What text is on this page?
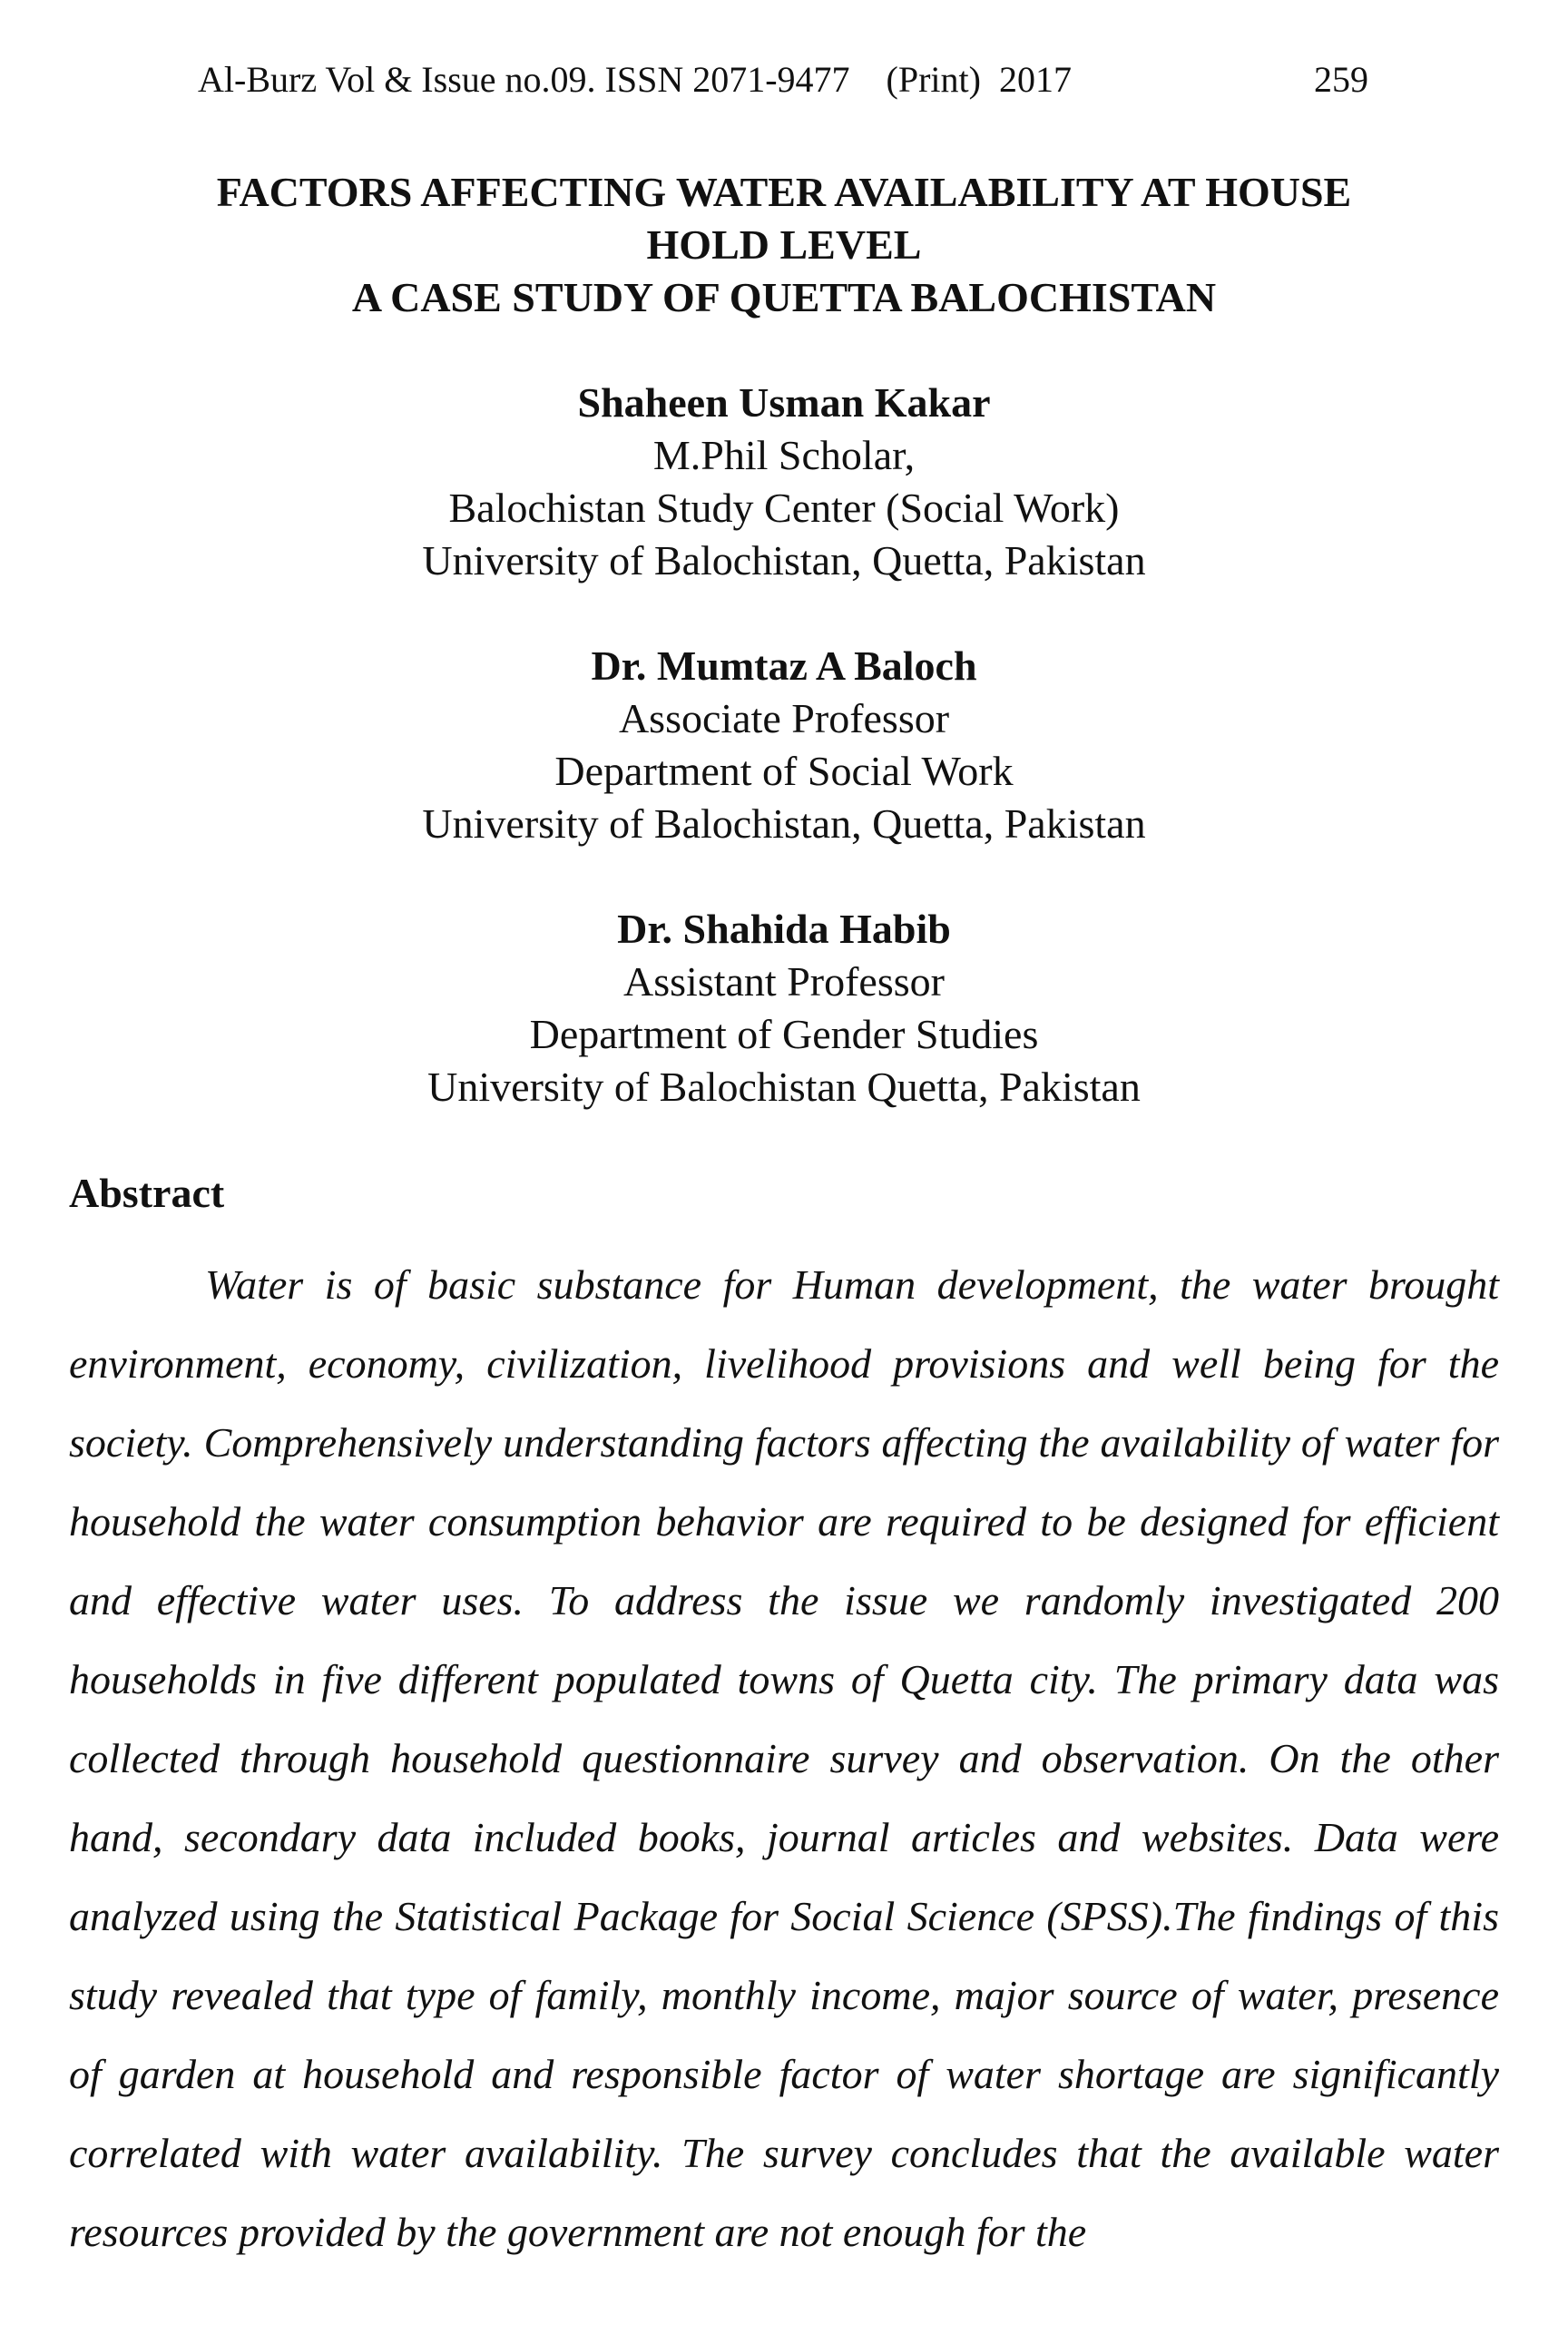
Al-Burz Vol & Issue no.09. ISSN 2071-9477    (Print)  2017	259
FACTORS AFFECTING WATER AVAILABILITY AT HOUSE
HOLD LEVEL
A CASE STUDY OF QUETTA BALOCHISTAN
Shaheen Usman Kakar
M.Phil Scholar,
Balochistan Study Center (Social Work)
University of Balochistan, Quetta, Pakistan
Dr. Mumtaz A Baloch
Associate Professor
Department of Social Work
University of Balochistan, Quetta, Pakistan
Dr. Shahida Habib
Assistant Professor
Department of Gender Studies
University of Balochistan Quetta, Pakistan
Abstract

Water is of basic substance for Human development, the water brought environment, economy, civilization, livelihood provisions and well being for the society. Comprehensively understanding factors affecting the availability of water for household the water consumption behavior are required to be designed for efficient and effective water uses. To address the issue we randomly investigated 200 households in five different populated towns of Quetta city. The primary data was collected through household questionnaire survey and observation. On the other hand, secondary data included books, journal articles and websites. Data were analyzed using the Statistical Package for Social Science (SPSS).The findings of this study revealed that type of family, monthly income, major source of water, presence of garden at household and responsible factor of water shortage are significantly correlated with water availability. The survey concludes that the available water resources provided by the government are not enough for the
